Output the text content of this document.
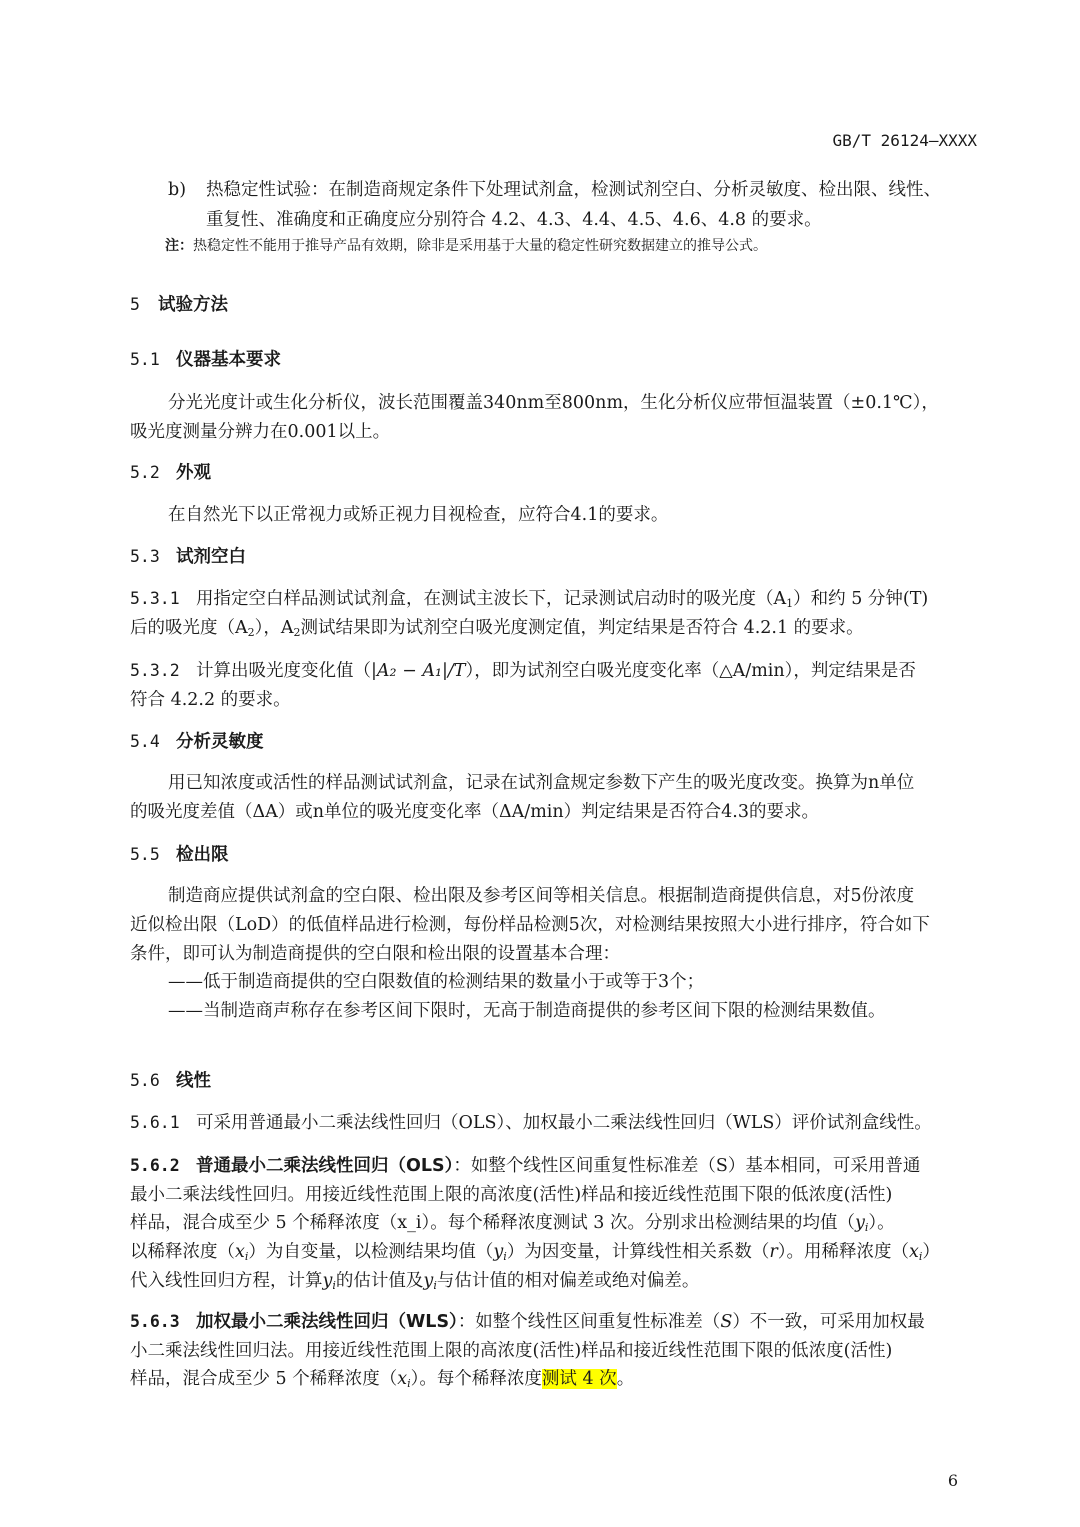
GB/T 26124—XXXX
b) 热稳定性试验：在制造商规定条件下处理试剂盒，检测试剂空白、分析灵敏度、检出限、线性、
重复性、准确度和正确度应分别符合 4.2、4.3、4.4、4.5、4.6、4.8 的要求。
注：热稳定性不能用于推导产品有效期，除非是采用基于大量的稳定性研究数据建立的推导公式。
5 试验方法
5.1 仪器基本要求
分光光度计或生化分析仪，波长范围覆盖340nm至800nm，生化分析仪应带恒温装置（±0.1℃），
吸光度测量分辨力在0.001以上。
5.2 外观
在自然光下以正常视力或矫正视力目视检查，应符合4.1的要求。
5.3 试剂空白
5.3.1 用指定空白样品测试试剂盒，在测试主波长下，记录测试启动时的吸光度$(A_1)$和约 5 分钟(T)
后的吸光度$(A_2)$，$A_2$测试结果即为试剂空白吸光度测定值，判定结果是否符合 4.2.1 的要求。
5.3.2 计算出吸光度变化值（|A₂ − A₁|/T），即为试剂空白吸光度变化率（△A/min），判定结果是否
符合 4.2.2 的要求。
5.4 分析灵敏度
用已知浓度或活性的样品测试试剂盒，记录在试剂盒规定参数下产生的吸光度改变。换算为n单位
的吸光度差值（ΔA）或n单位的吸光度变化率（ΔA/min）判定结果是否符合4.3的要求。
5.5 检出限
制造商应提供试剂盒的空白限、检出限及参考区间等相关信息。根据制造商提供信息，对5份浓度
近似检出限（LoD）的低值样品进行检测，每份样品检测5次，对检测结果按照大小进行排序，符合如下
条件，即可认为制造商提供的空白限和检出限的设置基本合理：
——低于制造商提供的空白限数值的检测结果的数量小于或等于3个；
——当制造商声称存在参考区间下限时，无高于制造商提供的参考区间下限的检测结果数值。
5.6 线性
5.6.1 可采用普通最小二乘法线性回归（OLS）、加权最小二乘法线性回归（WLS）评价试剂盒线性。
5.6.2 普通最小二乘法线性回归（OLS）：如整个线性区间重复性标准差（S）基本相同，可采用普通
最小二乘法线性回归。用接近线性范围上限的高浓度(活性)样品和接近线性范围下限的低浓度(活性)
样品，混合成至少 5 个稀释浓度（x_i）。每个稀释浓度测试 3 次。分别求出检测结果的均值$(y_i)$。
以稀释浓度$(x_i)$为自变量，以检测结果均值$(y_i)$为因变量，计算线性相关系数（r）。用稀释浓度$(x_i)$
代入线性回归方程，计算$y_i$的估计值及$y_i$与估计值的相对偏差或绝对偏差。
5.6.3 加权最小二乘法线性回归（WLS）：如整个线性区间重复性标准差（S）不一致，可采用加权最
小二乘法线性回归法。用接近线性范围上限的高浓度(活性)样品和接近线性范围下限的低浓度(活性)
样品，混合成至少 5 个稀释浓度$(x_i)$。每个稀释浓度测试 4 次。
6
